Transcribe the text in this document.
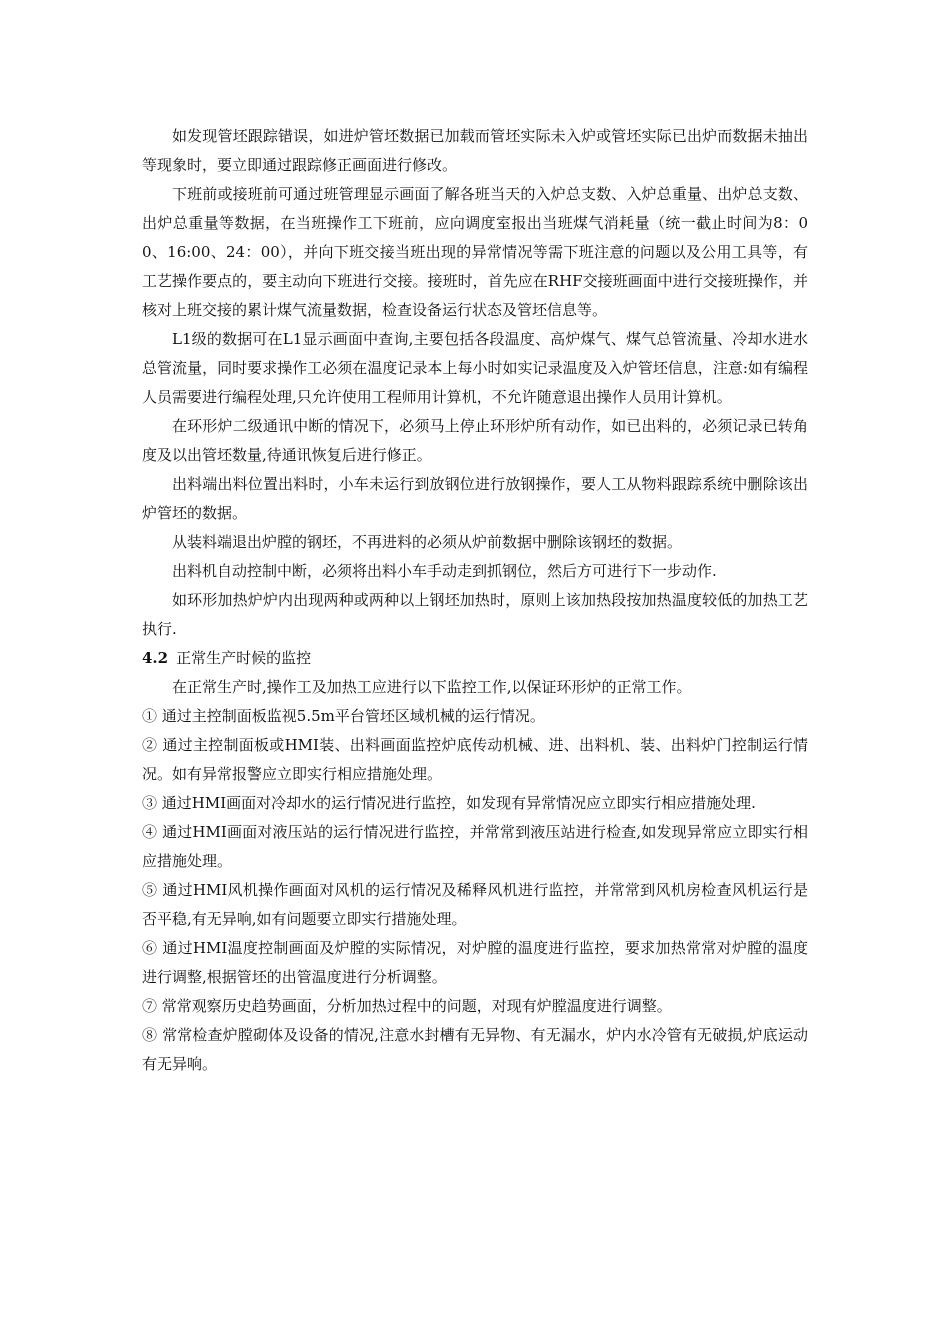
如发现管坯跟踪错误，如进炉管坯数据已加载而管坯实际未入炉或管坯实际已出炉而数据未抽出等现象时，要立即通过跟踪修正画面进行修改。

下班前或接班前可通过班管理显示画面了解各班当天的入炉总支数、入炉总重量、出炉总支数、出炉总重量等数据，在当班操作工下班前，应向调度室报出当班煤气消耗量（统一截止时间为8：00、16:00、24：00），并向下班交接当班出现的异常情况等需下班注意的问题以及公用工具等，有工艺操作要点的，要主动向下班进行交接。接班时，首先应在RHF交接班画面中进行交接班操作，并核对上班交接的累计煤气流量数据，检查设备运行状态及管坯信息等。

L1级的数据可在L1显示画面中查询,主要包括各段温度、高炉煤气、煤气总管流量、冷却水进水总管流量，同时要求操作工必须在温度记录本上每小时如实记录温度及入炉管坯信息，注意:如有编程人员需要进行编程处理,只允许使用工程师用计算机，不允许随意退出操作人员用计算机。

在环形炉二级通讯中断的情况下，必须马上停止环形炉所有动作，如已出料的，必须记录已转角度及以出管坯数量,待通讯恢复后进行修正。

出料端出料位置出料时，小车未运行到放钢位进行放钢操作，要人工从物料跟踪系统中删除该出炉管坯的数据。

从装料端退出炉膛的钢坯，不再进料的必须从炉前数据中删除该钢坯的数据。

出料机自动控制中断，必须将出料小车手动走到抓钢位，然后方可进行下一步动作.

如环形加热炉炉内出现两种或两种以上钢坯加热时，原则上该加热段按加热温度较低的加热工艺执行.

4.2 正常生产时候的监控

在正常生产时,操作工及加热工应进行以下监控工作,以保证环形炉的正常工作。

① 通过主控制面板监视5.5m平台管坯区域机械的运行情况。

② 通过主控制面板或HMI装、出料画面监控炉底传动机械、进、出料机、装、出料炉门控制运行情况。如有异常报警应立即实行相应措施处理。

③ 通过HMI画面对冷却水的运行情况进行监控，如发现有异常情况应立即实行相应措施处理.

④ 通过HMI画面对液压站的运行情况进行监控，并常常到液压站进行检查,如发现异常应立即实行相应措施处理。

⑤ 通过HMI风机操作画面对风机的运行情况及稀释风机进行监控，并常常到风机房检查风机运行是否平稳,有无异响,如有问题要立即实行措施处理。

⑥ 通过HMI温度控制画面及炉膛的实际情况，对炉膛的温度进行监控，要求加热常常对炉膛的温度进行调整,根据管坯的出管温度进行分析调整。

⑦ 常常观察历史趋势画面，分析加热过程中的问题，对现有炉膛温度进行调整。

⑧ 常常检查炉膛砌体及设备的情况,注意水封槽有无异物、有无漏水，炉内水冷管有无破损,炉底运动有无异响。
